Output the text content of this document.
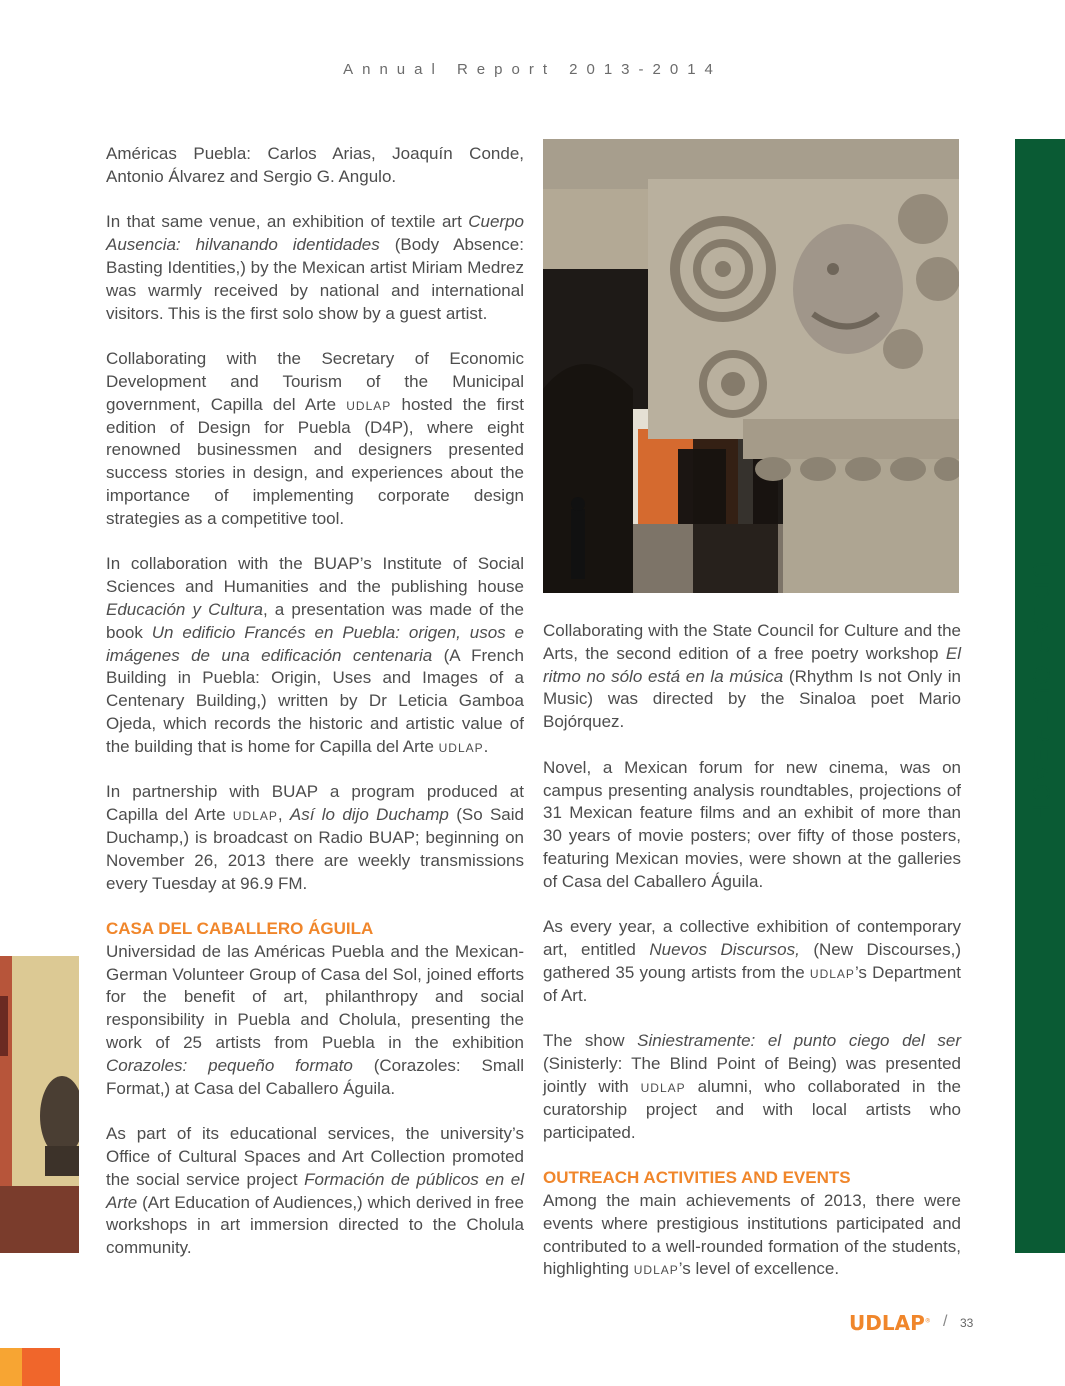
Annual Report 2013-2014

Américas Puebla: Carlos Arias, Joaquín Conde, Antonio Álvarez and Sergio G. Angulo.

In that same venue, an exhibition of textile art Cuerpo Ausencia: hilvanando identidades (Body Absence: Basting Identities,) by the Mexican artist Miriam Medrez was warmly received by national and international visitors. This is the first solo show by a guest artist.

Collaborating with the Secretary of Economic Development and Tourism of the Municipal government, Capilla del Arte udlap hosted the first edition of Design for Puebla (D4P), where eight renowned businessmen and designers presented success stories in design, and experiences about the importance of implementing corporate design strategies as a competitive tool.

In collaboration with the BUAP’s Institute of Social Sciences and Humanities and the publishing house Educación y Cultura, a presentation was made of the book Un edificio Francés en Puebla: origen, usos e imágenes de una edificación centenaria (A French Building in Puebla: Origin, Uses and Images of a Centenary Building,) written by Dr Leticia Gamboa Ojeda, which records the historic and artistic value of the building that is home for Capilla del Arte udlap.

In partnership with BUAP a program produced at Capilla del Arte udlap, Así lo dijo Duchamp (So Said Duchamp,) is broadcast on Radio BUAP; beginning on November 26, 2013 there are weekly transmissions every Tuesday at 96.9 FM.

CASA DEL CABALLERO ÁGUILA

Universidad de las Américas Puebla and the Mexican-German Volunteer Group of Casa del Sol, joined efforts for the benefit of art, philanthropy and social responsibility in Puebla and Cholula, presenting the work of 25 artists from Puebla in the exhibition Corazoles: pequeño formato (Corazoles: Small Format,) at Casa del Caballero Águila.

As part of its educational services, the university’s Office of Cultural Spaces and Art Collection promoted the social service project Formación de públicos en el Arte (Art Education of Audiences,) which derived in free workshops in art immersion directed to the Cholula community.

Collaborating with the State Council for Culture and the Arts, the second edition of a free poetry workshop El ritmo no sólo está en la música (Rhythm Is not Only in Music) was directed by the Sinaloa poet Mario Bojórquez.

Novel, a Mexican forum for new cinema, was on campus presenting analysis roundtables, projections of 31 Mexican feature films and an exhibit of more than 30 years of movie posters; over fifty of those posters, featuring Mexican movies, were shown at the galleries of Casa del Caballero Águila.

As every year, a collective exhibition of contemporary art, entitled Nuevos Discursos, (New Discourses,) gathered 35 young artists from the udlap’s Department of Art.

The show Siniestramente: el punto ciego del ser (Sinisterly: The Blind Point of Being) was presented jointly with udlap alumni, who collaborated in the curatorship project and with local artists who participated.

OUTREACH ACTIVITIES AND EVENTS

Among the main achievements of 2013, there were events where prestigious institutions participated and contributed to a well-rounded formation of the students, highlighting udlap’s level of excellence.

UDLAP OUTREACH
UDLAP® / 33
